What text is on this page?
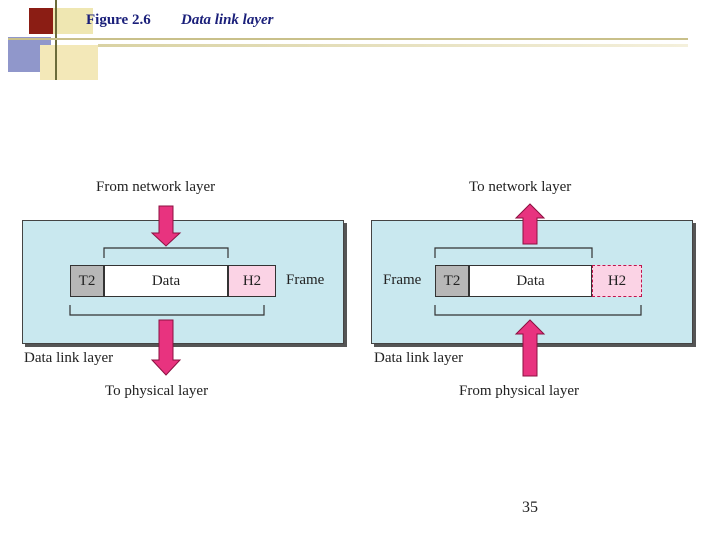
Figure 2.6 Data link layer
From network layer
T2	Data	H2	Frame
Data link layer
To physical layer
To network layer
Frame	T2	Data	H2
Data link layer
From physical layer
35
